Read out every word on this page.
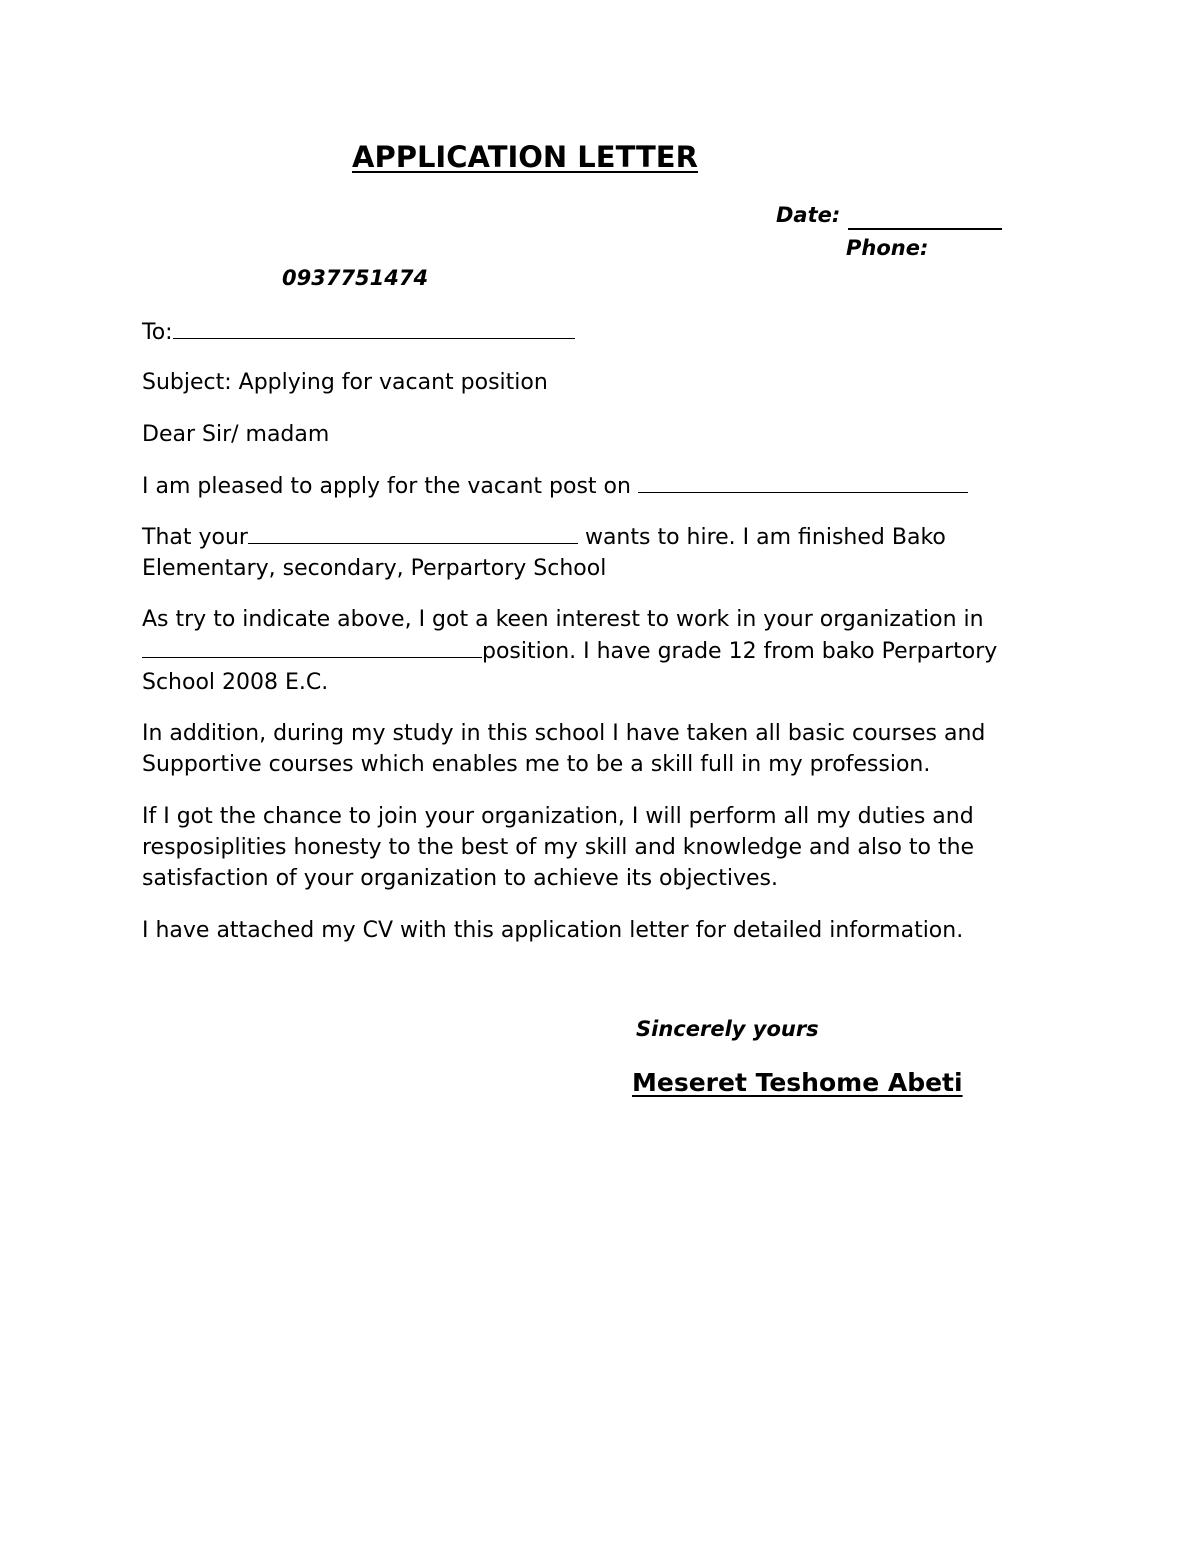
APPLICATION LETTER
Date:
Phone:
0937751474
To:
Subject: Applying for vacant position
Dear Sir/ madam
I am pleased to apply for the vacant post on
That your	wants to hire. I am finished Bako
Elementary, secondary, Perpartory School
As try to indicate above, I got a keen interest to work in your organization in
position. I have grade 12 from bako Perpartory
School 2008 E.C.
In addition, during my study in this school I have taken all basic courses and
Supportive courses which enables me to be a skill full in my profession.
If I got the chance to join your organization, I will perform all my duties and
resposiplities honesty to the best of my skill and knowledge and also to the
satisfaction of your organization to achieve its objectives.
I have attached my CV with this application letter for detailed information.
Sincerely yours
Meseret Teshome Abeti
